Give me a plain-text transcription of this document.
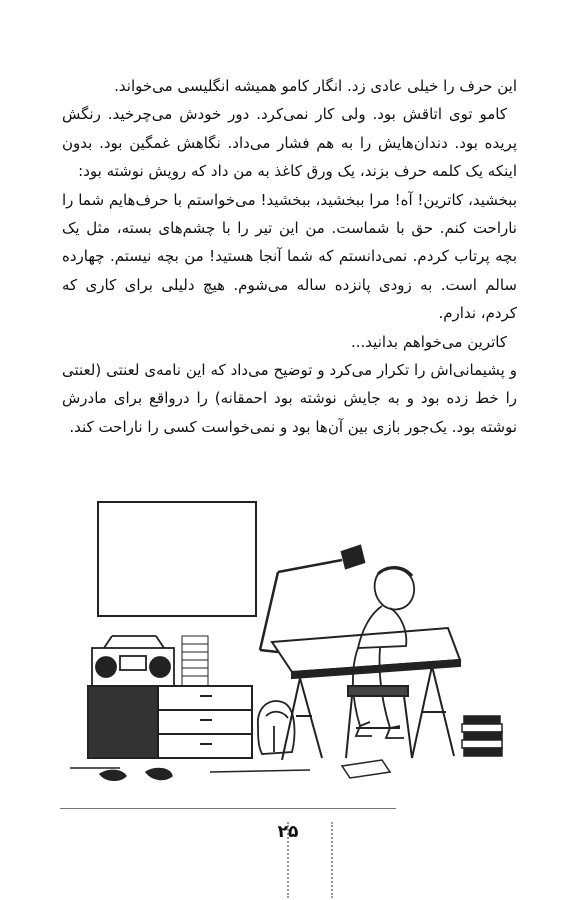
این حرف را خیلی عادی زد. انگار کامو همیشه انگلیسی می‌خواند.

کامو توی اتاقش بود. ولی کار نمی‌کرد. دور خودش می‌چرخید. رنگش پریده بود. دندان‌هایش را به هم فشار می‌داد. نگاهش غمگین بود. بدون اینکه یک کلمه حرف بزند، یک ورق کاغذ به من داد که رویش نوشته بود:

ببخشید، کاترین! آه! مرا ببخشید، ببخشید! می‌خواستم با حرف‌هایم شما را ناراحت کنم. حق با شماست. من این تیر را با چشم‌های بسته، مثل یک بچه پرتاب کردم. نمی‌دانستم که شما آنجا هستید! من بچه نیستم. چهارده سالم است. به زودی پانزده ساله می‌شوم. هیچ دلیلی برای کاری که کردم، ندارم.

کاترین می‌خواهم بدانید...

و پشیمانی‌اش را تکرار می‌کرد و توضیح می‌داد که این نامه‌ی لعنتی (لعنتی را خط زده بود و به جایش نوشته بود احمقانه) را درواقع برای مادرش نوشته بود. یک‌جور بازی بین آن‌ها بود و نمی‌خواست کسی را ناراحت کند.

۲۵
